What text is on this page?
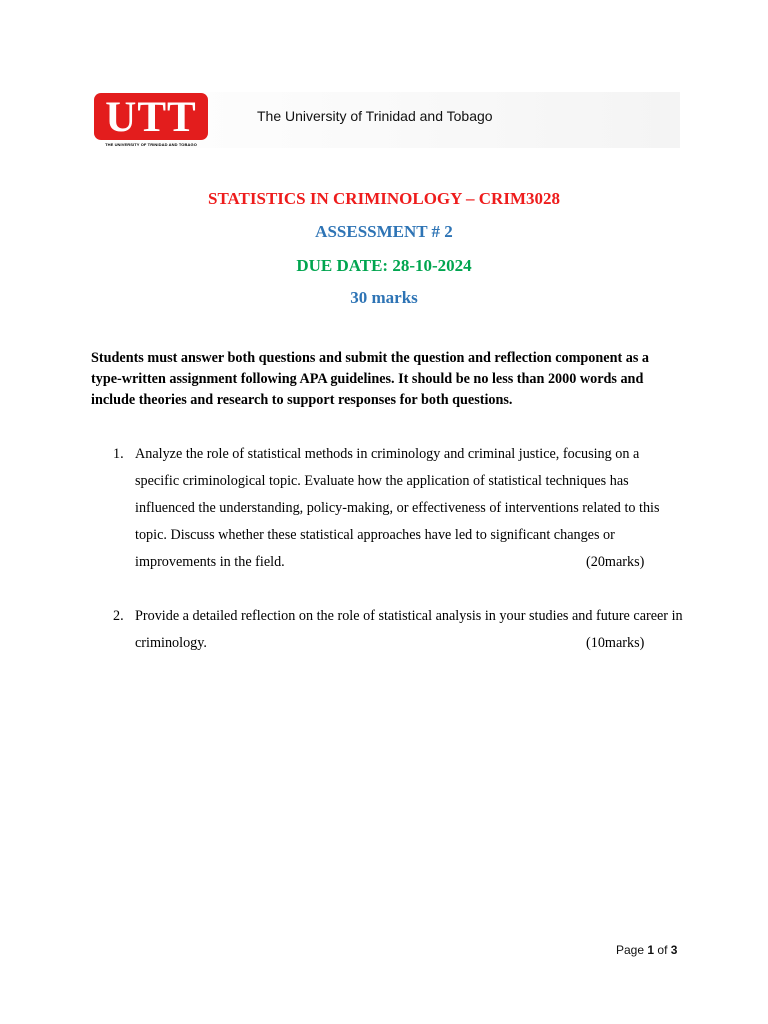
UTT
THE UNIVERSITY OF TRINIDAD AND TOBAGO
The University of Trinidad and Tobago
STATISTICS IN CRIMINOLOGY – CRIM3028
ASSESSMENT # 2
DUE DATE: 28-10-2024
30 marks
Students must answer both questions and submit the question and reflection component as a type-written assignment following APA guidelines. It should be no less than 2000 words and include theories and research to support responses for both questions.
1. Analyze the role of statistical methods in criminology and criminal justice, focusing on a specific criminological topic. Evaluate how the application of statistical techniques has influenced the understanding, policy-making, or effectiveness of interventions related to this topic. Discuss whether these statistical approaches have led to significant changes or improvements in the field.	(20marks)
2. Provide a detailed reflection on the role of statistical analysis in your studies and future career in criminology.	(10marks)
Page 1 of 3
